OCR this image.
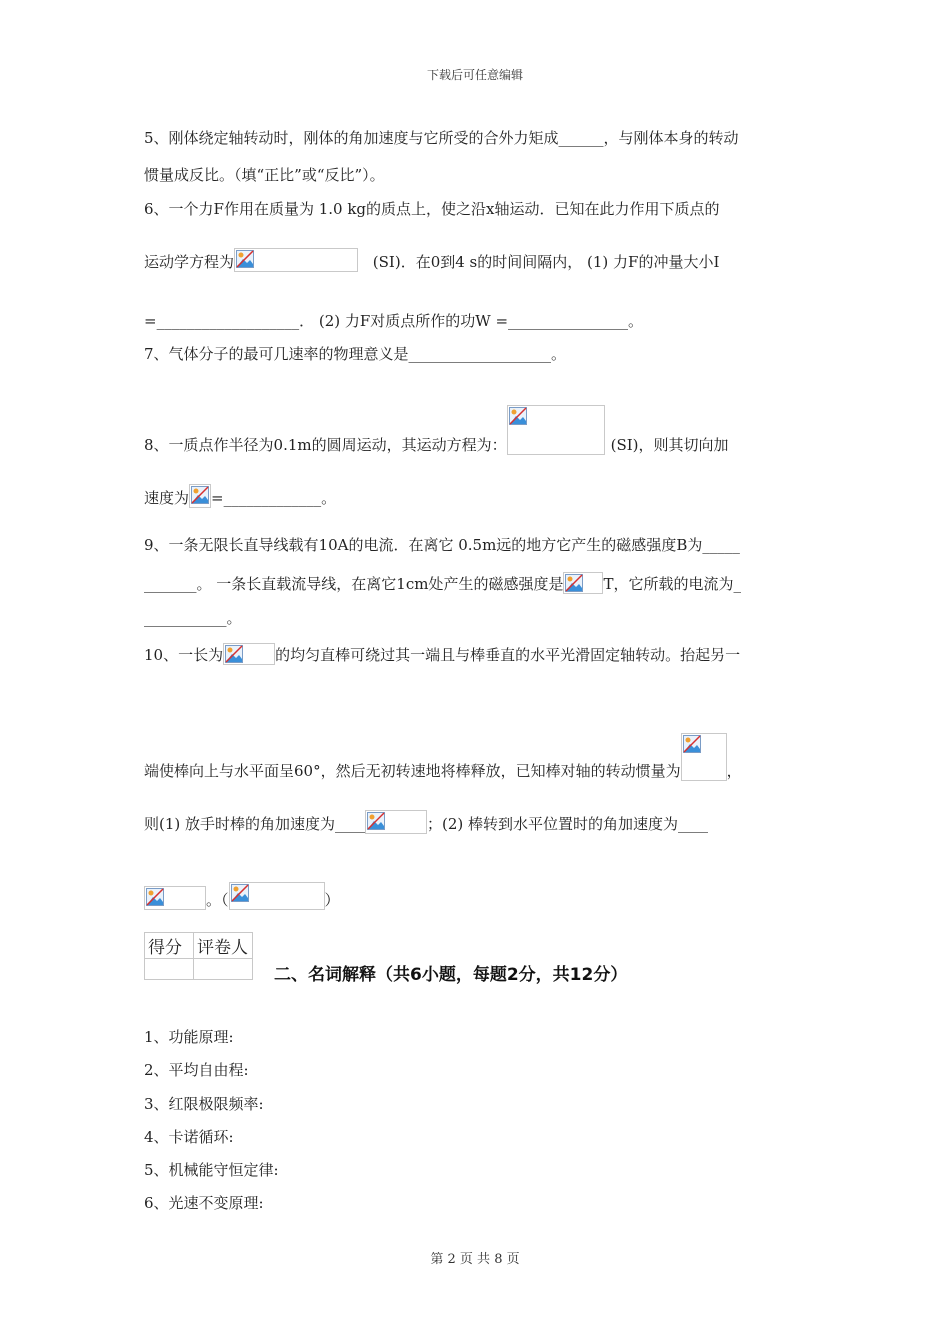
下载后可任意编辑
第 2 页 共 8 页
5、刚体绕定轴转动时，刚体的角加速度与它所受的合外力矩成______，与刚体本身的转动
惯量成反比。（填“正比”或“反比”）。
6、一个力F作用在质量为 1.0 kg的质点上，使之沿x轴运动．已知在此力作用下质点的
运动学方程为	(SI)．在0到4 s的时间间隔内， (1) 力F的冲量大小I
=___________________． (2) 力F对质点所作的功W =________________。
7、气体分子的最可几速率的物理意义是___________________。
8、一质点作半径为0.1m的圆周运动，其运动方程为：	(SI)，则其切向加
速度为 =_____________。
9、一条无限长直导线载有10A的电流．在离它 0.5m远的地方它产生的磁感强度B为_____
_______。 一条长直载流导线，在离它1cm处产生的磁感强度是	T，它所载的电流为_
___________。
10、一长为	的均匀直棒可绕过其一端且与棒垂直的水平光滑固定轴转动。抬起另一
端使棒向上与水平面呈60°，然后无初转速地将棒释放，已知棒对轴的转动惯量为	，
则(1) 放手时棒的角加速度为____	；(2) 棒转到水平位置时的角加速度为____
。（	）
得分	评卷人

二、名词解释（共6小题，每题2分，共12分）
1、功能原理:
2、平均自由程:
3、红限极限频率:
4、卡诺循环:
5、机械能守恒定律:
6、光速不变原理:
